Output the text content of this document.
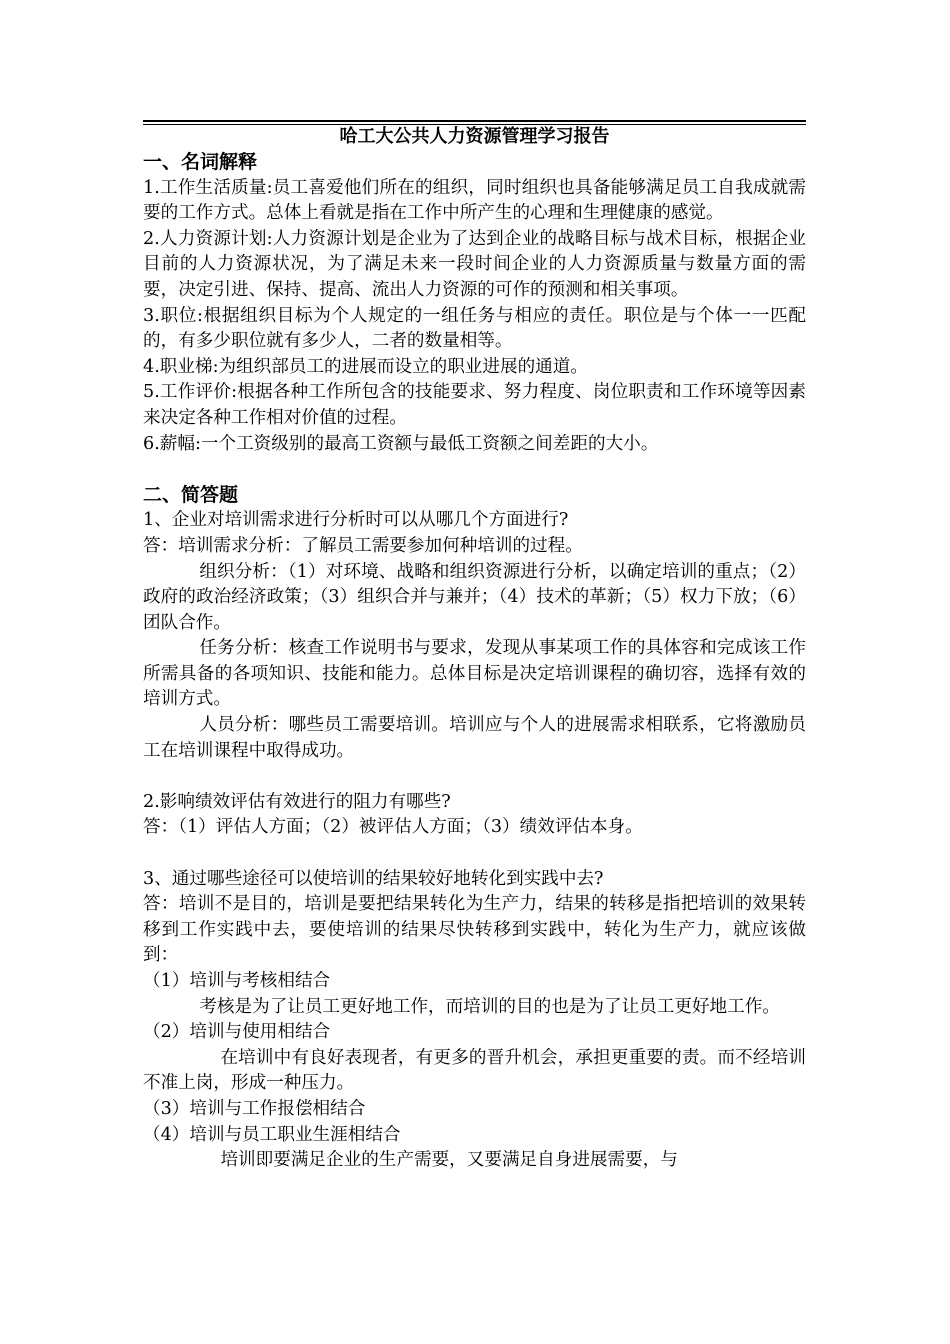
哈工大公共人力资源管理学习报告
一、名词解释

1.工作生活质量:员工喜爱他们所在的组织，同时组织也具备能够满足员工自我成就需要的工作方式。总体上看就是指在工作中所产生的心理和生理健康的感觉。

2.人力资源计划:人力资源计划是企业为了达到企业的战略目标与战术目标，根据企业目前的人力资源状况，为了满足未来一段时间企业的人力资源质量与数量方面的需要，决定引进、保持、提高、流出人力资源的可作的预测和相关事项。

3.职位:根据组织目标为个人规定的一组任务与相应的责任。职位是与个体一一匹配的，有多少职位就有多少人，二者的数量相等。

4.职业梯:为组织部员工的进展而设立的职业进展的通道。

5.工作评价:根据各种工作所包含的技能要求、努力程度、岗位职责和工作环境等因素来决定各种工作相对价值的过程。

6.薪幅:一个工资级别的最高工资额与最低工资额之间差距的大小。

二、简答题

1、企业对培训需求进行分析时可以从哪几个方面进行?

答：培训需求分析：了解员工需要参加何种培训的过程。

组织分析：（1）对环境、战略和组织资源进行分析，以确定培训的重点；（2）政府的政治经济政策；（3）组织合并与兼并；（4）技术的革新；（5）权力下放；（6）团队合作。

任务分析：核查工作说明书与要求，发现从事某项工作的具体容和完成该工作所需具备的各项知识、技能和能力。总体目标是决定培训课程的确切容，选择有效的培训方式。

人员分析：哪些员工需要培训。培训应与个人的进展需求相联系，它将激励员工在培训课程中取得成功。

2.影响绩效评估有效进行的阻力有哪些?

答：（1）评估人方面；（2）被评估人方面；（3）绩效评估本身。

3、通过哪些途径可以使培训的结果较好地转化到实践中去?

答：培训不是目的，培训是要把结果转化为生产力，结果的转移是指把培训的效果转移到工作实践中去，要使培训的结果尽快转移到实践中，转化为生产力，就应该做到：

（1）培训与考核相结合

考核是为了让员工更好地工作，而培训的目的也是为了让员工更好地工作。

（2）培训与使用相结合

在培训中有良好表现者，有更多的晋升机会，承担更重要的责。而不经培训不准上岗，形成一种压力。

（3）培训与工作报偿相结合

（4）培训与员工职业生涯相结合

培训即要满足企业的生产需要，又要满足自身进展需要，与
